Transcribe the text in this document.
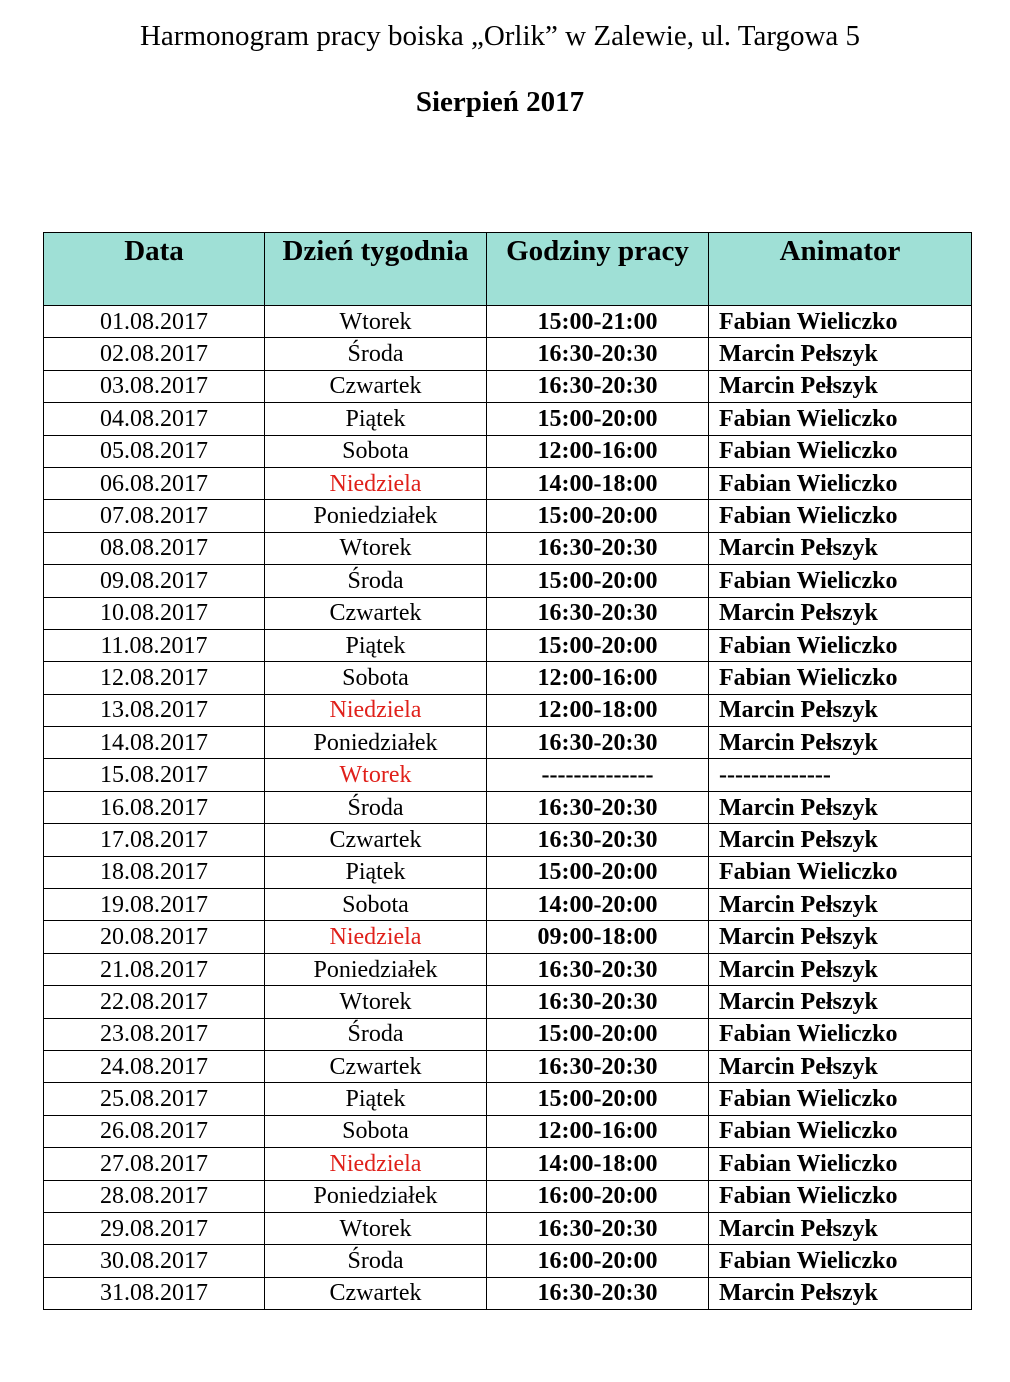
Harmonogram pracy boiska „Orlik” w Zalewie, ul. Targowa 5
Sierpień 2017
Data	Dzień tygodnia	Godziny pracy	Animator
01.08.2017	Wtorek	15:00-21:00	Fabian Wieliczko
02.08.2017	Środa	16:30-20:30	Marcin Pełszyk
03.08.2017	Czwartek	16:30-20:30	Marcin Pełszyk
04.08.2017	Piątek	15:00-20:00	Fabian Wieliczko
05.08.2017	Sobota	12:00-16:00	Fabian Wieliczko
06.08.2017	Niedziela	14:00-18:00	Fabian Wieliczko
07.08.2017	Poniedziałek	15:00-20:00	Fabian Wieliczko
08.08.2017	Wtorek	16:30-20:30	Marcin Pełszyk
09.08.2017	Środa	15:00-20:00	Fabian Wieliczko
10.08.2017	Czwartek	16:30-20:30	Marcin Pełszyk
11.08.2017	Piątek	15:00-20:00	Fabian Wieliczko
12.08.2017	Sobota	12:00-16:00	Fabian Wieliczko
13.08.2017	Niedziela	12:00-18:00	Marcin Pełszyk
14.08.2017	Poniedziałek	16:30-20:30	Marcin Pełszyk
15.08.2017	Wtorek	--------------	--------------
16.08.2017	Środa	16:30-20:30	Marcin Pełszyk
17.08.2017	Czwartek	16:30-20:30	Marcin Pełszyk
18.08.2017	Piątek	15:00-20:00	Fabian Wieliczko
19.08.2017	Sobota	14:00-20:00	Marcin Pełszyk
20.08.2017	Niedziela	09:00-18:00	Marcin Pełszyk
21.08.2017	Poniedziałek	16:30-20:30	Marcin Pełszyk
22.08.2017	Wtorek	16:30-20:30	Marcin Pełszyk
23.08.2017	Środa	15:00-20:00	Fabian Wieliczko
24.08.2017	Czwartek	16:30-20:30	Marcin Pełszyk
25.08.2017	Piątek	15:00-20:00	Fabian Wieliczko
26.08.2017	Sobota	12:00-16:00	Fabian Wieliczko
27.08.2017	Niedziela	14:00-18:00	Fabian Wieliczko
28.08.2017	Poniedziałek	16:00-20:00	Fabian Wieliczko
29.08.2017	Wtorek	16:30-20:30	Marcin Pełszyk
30.08.2017	Środa	16:00-20:00	Fabian Wieliczko
31.08.2017	Czwartek	16:30-20:30	Marcin Pełszyk
